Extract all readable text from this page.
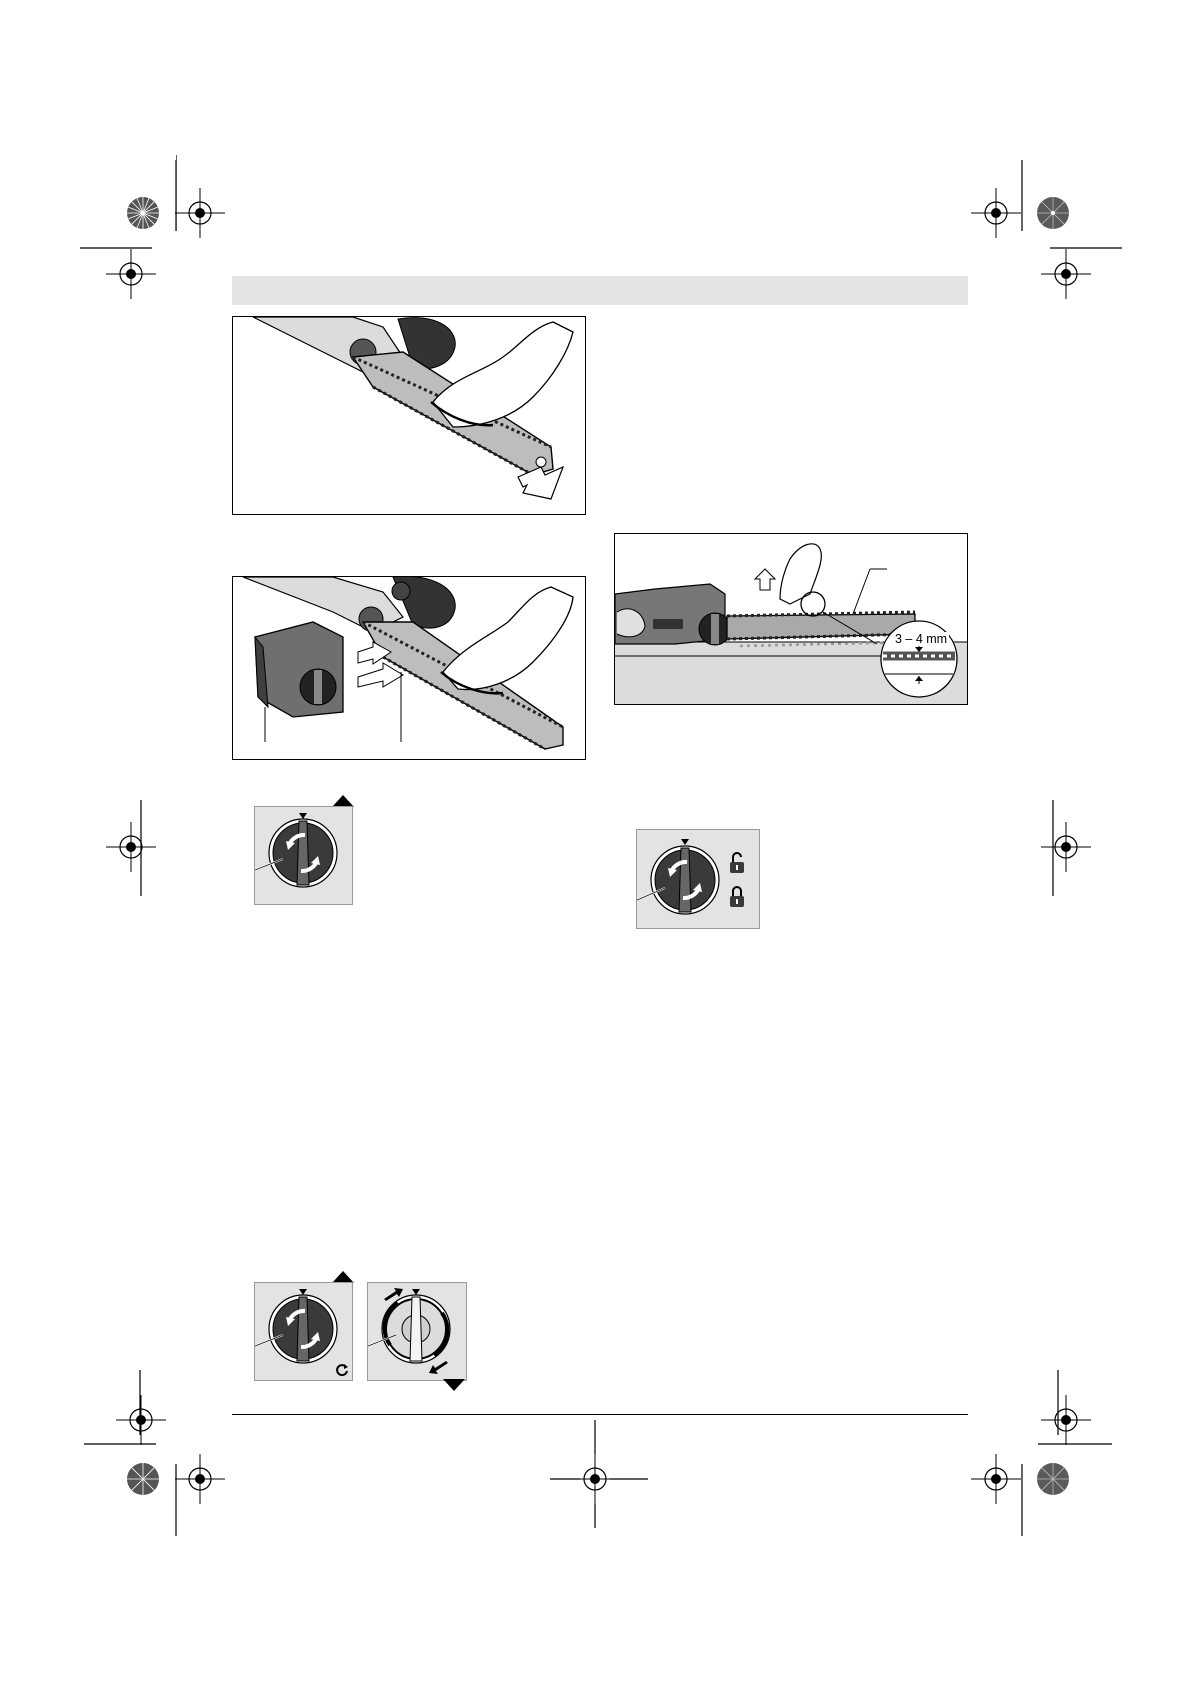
3 – 4 mm
